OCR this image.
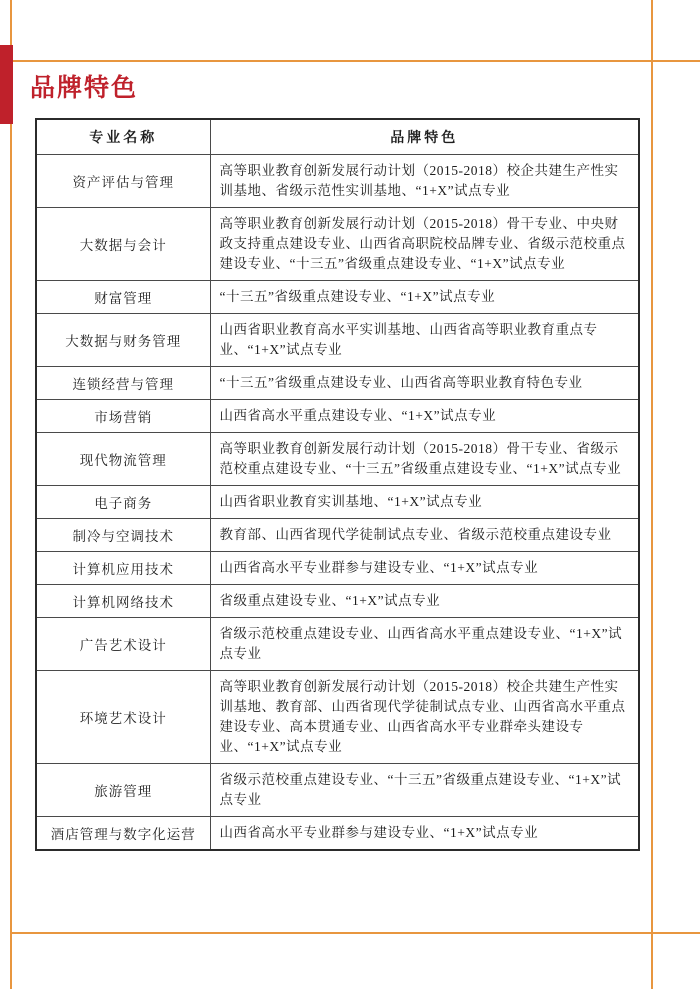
品牌特色
专业名称	品牌特色
资产评估与管理	高等职业教育创新发展行动计划（2015-2018）校企共建生产性实训基地、省级示范性实训基地、“1+X”试点专业
大数据与会计	高等职业教育创新发展行动计划（2015-2018）骨干专业、中央财政支持重点建设专业、山西省高职院校品牌专业、省级示范校重点建设专业、“十三五”省级重点建设专业、“1+X”试点专业
财富管理	“十三五”省级重点建设专业、“1+X”试点专业
大数据与财务管理	山西省职业教育高水平实训基地、山西省高等职业教育重点专业、“1+X”试点专业
连锁经营与管理	“十三五”省级重点建设专业、山西省高等职业教育特色专业
市场营销	山西省高水平重点建设专业、“1+X”试点专业
现代物流管理	高等职业教育创新发展行动计划（2015-2018）骨干专业、省级示范校重点建设专业、“十三五”省级重点建设专业、“1+X”试点专业
电子商务	山西省职业教育实训基地、“1+X”试点专业
制冷与空调技术	教育部、山西省现代学徒制试点专业、省级示范校重点建设专业
计算机应用技术	山西省高水平专业群参与建设专业、“1+X”试点专业
计算机网络技术	省级重点建设专业、“1+X”试点专业
广告艺术设计	省级示范校重点建设专业、山西省高水平重点建设专业、“1+X”试点专业
环境艺术设计	高等职业教育创新发展行动计划（2015-2018）校企共建生产性实训基地、教育部、山西省现代学徒制试点专业、山西省高水平重点建设专业、高本贯通专业、山西省高水平专业群牵头建设专业、“1+X”试点专业
旅游管理	省级示范校重点建设专业、“十三五”省级重点建设专业、“1+X”试点专业
酒店管理与数字化运营	山西省高水平专业群参与建设专业、“1+X”试点专业
